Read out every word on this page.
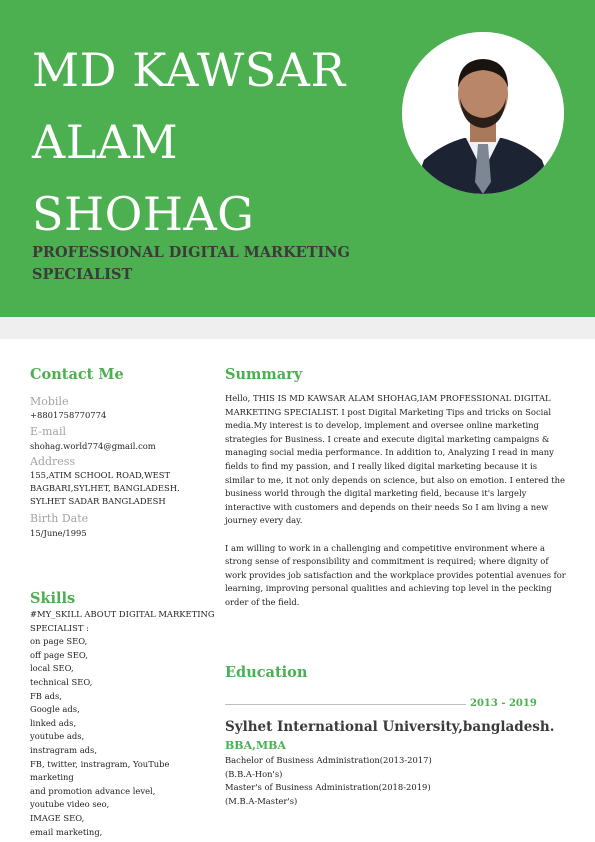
MD KAWSAR ALAM SHOHAG
PROFESSIONAL DIGITAL MARKETING SPECIALIST
Contact Me
Mobile
+8801758770774
E-mail
shohag.world774@gmail.com
Address
155,ATIM SCHOOL ROAD,WEST
BAGBARI,SYLHET, BANGLADESH.
SYLHET SADAR BANGLADESH
Birth Date
15/June/1995
Skills
#MY_SKILL ABOUT DIGITAL MARKETING
SPECIALIST :
on page SEO,
off page SEO,
local SEO,
technical SEO,
FB ads,
Google ads,
linked ads,
youtube ads,
instragram ads,
FB, twitter, instragram, YouTube marketing
and promotion advance level,
youtube video seo,
IMAGE SEO,
email marketing,
Summary

Hello, THIS IS MD KAWSAR ALAM SHOHAG,IAM PROFESSIONAL DIGITAL MARKETING SPECIALIST. I post Digital Marketing Tips and tricks on Social media.My interest is to develop, implement and oversee online marketing strategies for Business. I create and execute digital marketing campaigns & managing social media performance. In addition to, Analyzing I read in many fields to find my passion, and I really liked digital marketing because it is similar to me, it not only depends on science, but also on emotion. I entered the business world through the digital marketing field, because it's largely interactive with customers and depends on their needs So I am living a new journey every day.

I am willing to work in a challenging and competitive environment where a strong sense of responsibility and commitment is required; where dignity of work provides job satisfaction and the workplace provides potential avenues for learning, improving personal qualities and achieving top level in the pecking order of the field.

Education
2013 - 2019
Sylhet International University,bangladesh.
BBA,MBA
Bachelor of Business Administration(2013-2017)
(B.B.A-Hon's)
Master's of Business Administration(2018-2019)
(M.B.A-Master's)
